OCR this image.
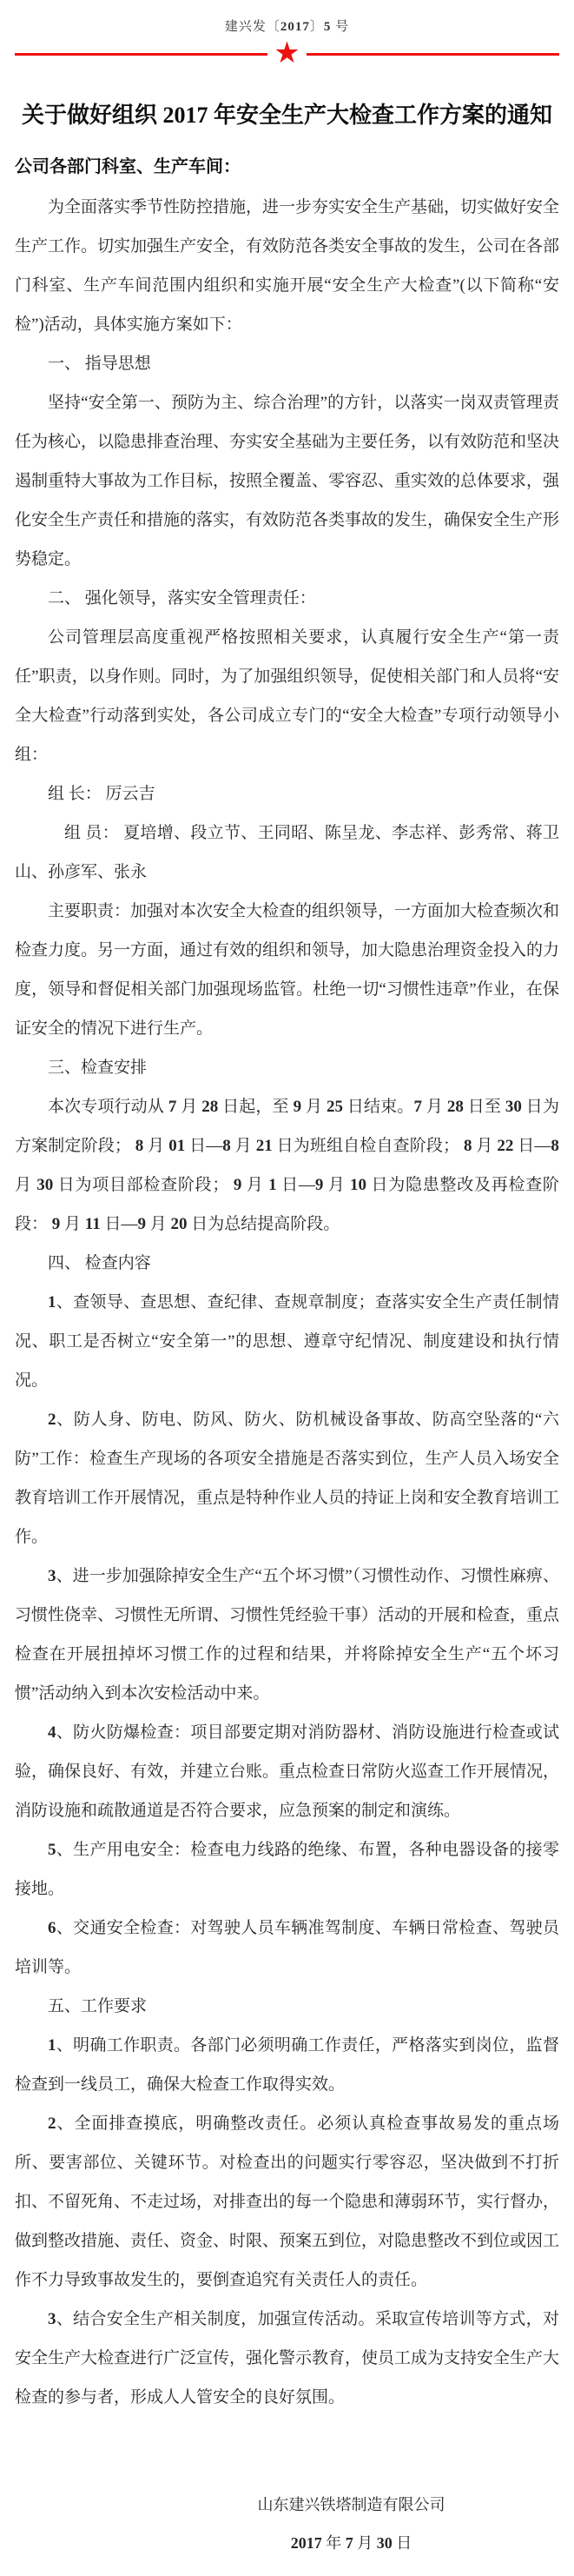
建兴发〔2017〕5 号
★
关于做好组织 2017 年安全生产大检查工作方案的通知
公司各部门科室、生产车间：

为全面落实季节性防控措施，进一步夯实安全生产基础，切实做好安全生产工作。切实加强生产安全，有效防范各类安全事故的发生，公司在各部门科室、生产车间范围内组织和实施开展“安全生产大检查”(以下简称“安检”)活动，具体实施方案如下：

一、 指导思想

坚持“安全第一、预防为主、综合治理”的方针，以落实一岗双责管理责任为核心，以隐患排查治理、夯实安全基础为主要任务，以有效防范和坚决遏制重特大事故为工作目标，按照全覆盖、零容忍、重实效的总体要求，强化安全生产责任和措施的落实，有效防范各类事故的发生，确保安全生产形势稳定。

二、 强化领导，落实安全管理责任：

公司管理层高度重视严格按照相关要求，认真履行安全生产“第一责任”职责，以身作则。同时，为了加强组织领导，促使相关部门和人员将“安全大检查”行动落到实处，各公司成立专门的“安全大检查”专项行动领导小组：

组 长： 厉云吉

组 员： 夏培增、段立节、王同昭、陈呈龙、李志祥、彭秀常、蒋卫山、孙彦军、张永

主要职责：加强对本次安全大检查的组织领导，一方面加大检查频次和检查力度。另一方面，通过有效的组织和领导，加大隐患治理资金投入的力度，领导和督促相关部门加强现场监管。杜绝一切“习惯性违章”作业，在保证安全的情况下进行生产。

三、检查安排

本次专项行动从 7 月 28 日起，至 9 月 25 日结束。7 月 28 日至 30 日为方案制定阶段； 8 月 01 日—8 月 21 日为班组自检自查阶段； 8 月 22 日—8 月 30 日为项目部检查阶段； 9 月 1 日—9 月 10 日为隐患整改及再检查阶段： 9 月 11 日—9 月 20 日为总结提高阶段。

四、 检查内容

1、查领导、查思想、查纪律、查规章制度；查落实安全生产责任制情况、职工是否树立“安全第一”的思想、遵章守纪情况、制度建设和执行情况。

2、防人身、防电、防风、防火、防机械设备事故、防高空坠落的“六防”工作：检查生产现场的各项安全措施是否落实到位，生产人员入场安全教育培训工作开展情况，重点是特种作业人员的持证上岗和安全教育培训工作。

3、进一步加强除掉安全生产“五个坏习惯”（习惯性动作、习惯性麻痹、习惯性侥幸、习惯性无所谓、习惯性凭经验干事）活动的开展和检查，重点检查在开展扭掉坏习惯工作的过程和结果，并将除掉安全生产“五个坏习惯”活动纳入到本次安检活动中来。

4、防火防爆检查：项目部要定期对消防器材、消防设施进行检查或试验，确保良好、有效，并建立台账。重点检查日常防火巡查工作开展情况，消防设施和疏散通道是否符合要求，应急预案的制定和演练。

5、生产用电安全：检查电力线路的绝缘、布置，各种电器设备的接零接地。

6、交通安全检查：对驾驶人员车辆准驾制度、车辆日常检查、驾驶员培训等。

五、工作要求

1、明确工作职责。各部门必须明确工作责任，严格落实到岗位，监督检查到一线员工，确保大检查工作取得实效。

2、全面排查摸底，明确整改责任。必须认真检查事故易发的重点场所、要害部位、关键环节。对检查出的问题实行零容忍，坚决做到不打折扣、不留死角、不走过场，对排查出的每一个隐患和薄弱环节，实行督办，做到整改措施、责任、资金、时限、预案五到位，对隐患整改不到位或因工作不力导致事故发生的，要倒查追究有关责任人的责任。

3、结合安全生产相关制度，加强宣传活动。采取宣传培训等方式，对安全生产大检查进行广泛宣传，强化警示教育，使员工成为支持安全生产大检查的参与者，形成人人管安全的良好氛围。

山东建兴铁塔制造有限公司
2017 年 7 月 30 日
